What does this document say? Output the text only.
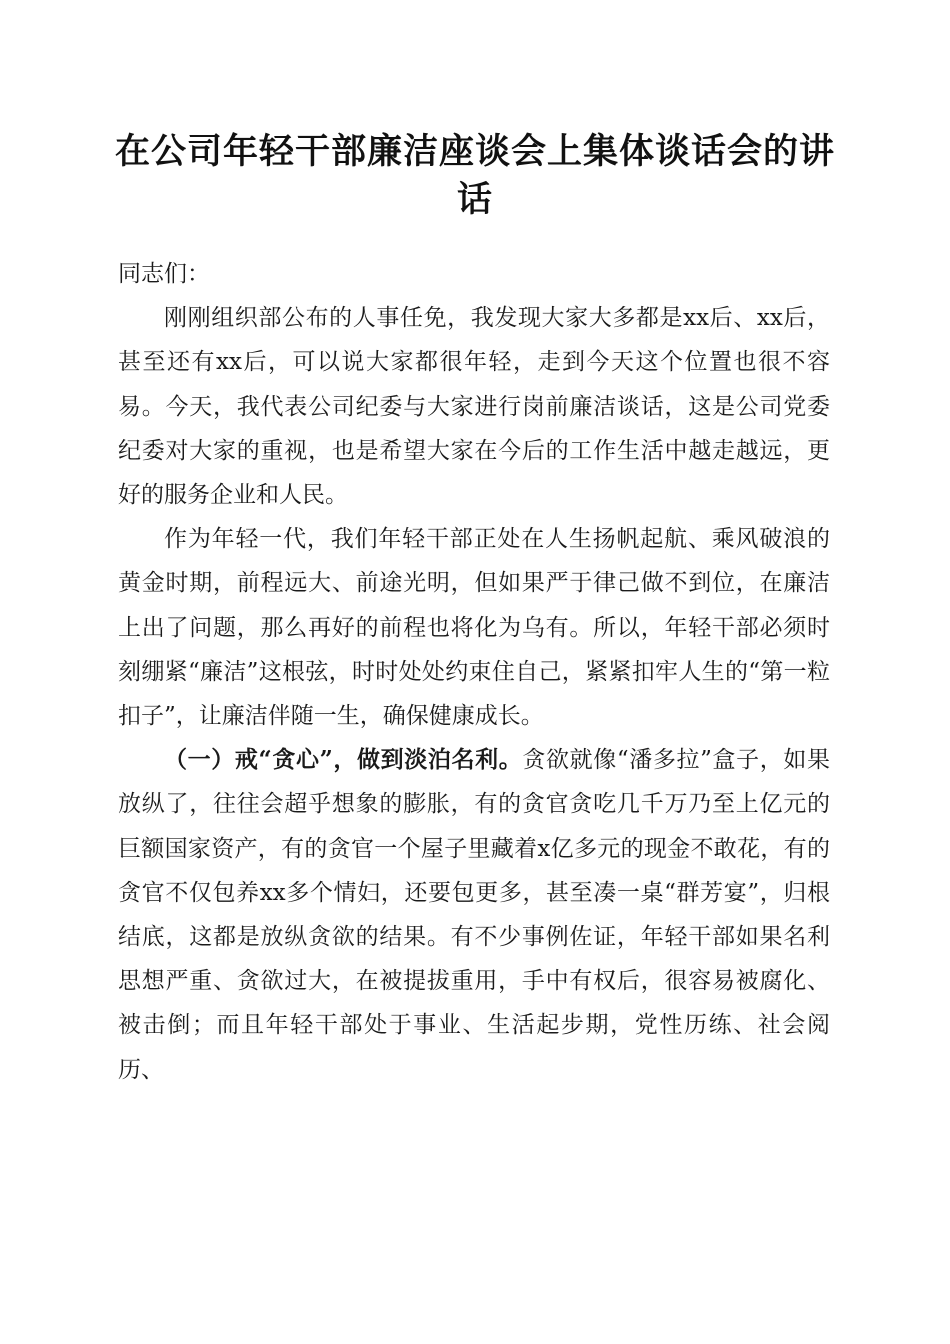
在公司年轻干部廉洁座谈会上集体谈话会的讲话

同志们：

刚刚组织部公布的人事任免，我发现大家大多都是xx后、xx后，甚至还有xx后，可以说大家都很年轻，走到今天这个位置也很不容易。今天，我代表公司纪委与大家进行岗前廉洁谈话，这是公司党委纪委对大家的重视，也是希望大家在今后的工作生活中越走越远，更好的服务企业和人民。

作为年轻一代，我们年轻干部正处在人生扬帆起航、乘风破浪的黄金时期，前程远大、前途光明，但如果严于律己做不到位，在廉洁上出了问题，那么再好的前程也将化为乌有。所以，年轻干部必须时刻绷紧“廉洁”这根弦，时时处处约束住自己，紧紧扣牢人生的“第一粒扣子”，让廉洁伴随一生，确保健康成长。

（一）戒“贪心”，做到淡泊名利。贪欲就像“潘多拉”盒子，如果放纵了，往往会超乎想象的膨胀，有的贪官贪吃几千万乃至上亿元的巨额国家资产，有的贪官一个屋子里藏着x亿多元的现金不敢花，有的贪官不仅包养xx多个情妇，还要包更多，甚至凑一桌“群芳宴”，归根结底，这都是放纵贪欲的结果。有不少事例佐证，年轻干部如果名利思想严重、贪欲过大，在被提拔重用，手中有权后，很容易被腐化、被击倒；而且年轻干部处于事业、生活起步期，党性历练、社会阅历、
